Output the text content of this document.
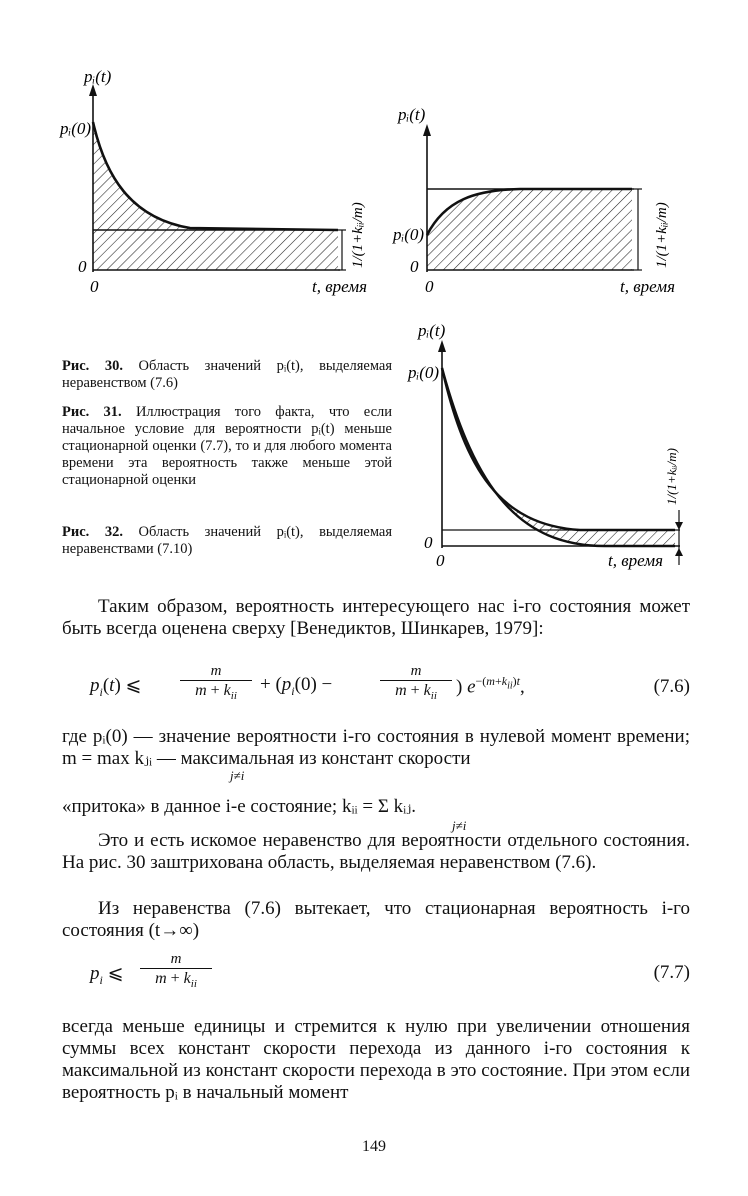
pᵢ(t)
pᵢ(0)
0
0	t, время
1/(1+kᵢᵢ/m)
pᵢ(t)
pᵢ(0)
0
0	t, время
1/(1+kᵢᵢ/m)
pᵢ(t)
pᵢ(0)
0
0	t, время
1/(1+kᵢᵢ/m)
Рис. 30. Область значений pᵢ(t), выделяемая неравенством (7.6)
Рис. 31. Иллюстрация того факта, что если начальное условие для вероятности pᵢ(t) меньше стационарной оценки (7.7), то и для любого момента времени эта вероятность также меньше этой стационарной оценки
Рис. 32. Область значений pᵢ(t), выделяемая неравенствами (7.10)
Таким образом, вероятность интересующего нас i-го состояния может быть всегда оценена сверху [Венедиктов, Шинкарев, 1979]:
$p_i(t)$ ⩽
m
$m + k_{ii}$
+ ($p_i(0)$ −
m
$m + k_{ii}$	) $e^{-(m+k_{ii})t}$,	(7.6)
где pᵢ(0) — значение вероятности i-го состояния в нулевой момент времени; m = max kⱼᵢ — максимальная из констант скорости
j≠i
«притока» в данное i-е состояние; kᵢᵢ = Σ kᵢⱼ.
j≠i
Это и есть искомое неравенство для вероятности отдельного состояния. На рис. 30 заштрихована область, выделяемая неравенством (7.6).
Из неравенства (7.6) вытекает, что стационарная вероятность i-го состояния (t→∞)
$p_i$ ⩽
m
$m + k_{ii}$
(7.7)
всегда меньше единицы и стремится к нулю при увеличении отношения суммы всех констант скорости перехода из данного i-го состояния к максимальной из констант скорости перехода в это состояние. При этом если вероятность pᵢ в начальный момент
149
